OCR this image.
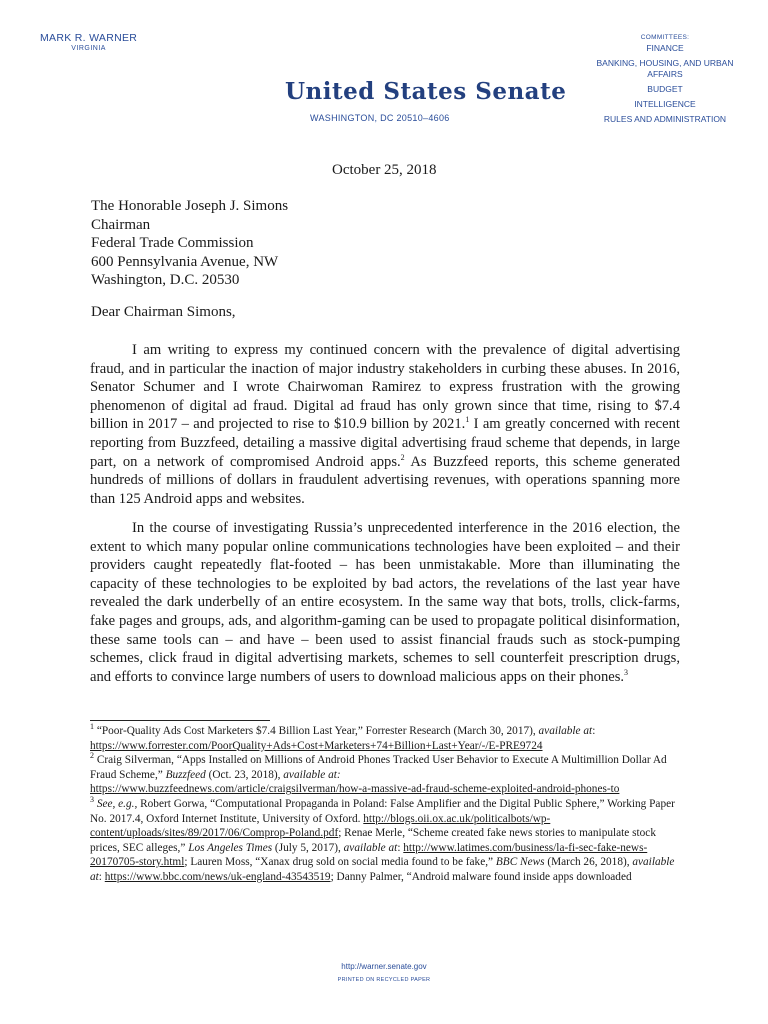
MARK R. WARNER
VIRGINIA
United States Senate
WASHINGTON, DC 20510–4606
COMMITTEES:
FINANCE
BANKING, HOUSING, AND URBAN AFFAIRS
BUDGET
INTELLIGENCE
RULES AND ADMINISTRATION
October 25, 2018
The Honorable Joseph J. Simons
Chairman
Federal Trade Commission
600 Pennsylvania Avenue, NW
Washington, D.C. 20530
Dear Chairman Simons,
I am writing to express my continued concern with the prevalence of digital advertising fraud, and in particular the inaction of major industry stakeholders in curbing these abuses. In 2016, Senator Schumer and I wrote Chairwoman Ramirez to express frustration with the growing phenomenon of digital ad fraud. Digital ad fraud has only grown since that time, rising to $7.4 billion in 2017 – and projected to rise to $10.9 billion by 2021.$^1$ I am greatly concerned with recent reporting from Buzzfeed, detailing a massive digital advertising fraud scheme that depends, in large part, on a network of compromised Android apps.$^2$ As Buzzfeed reports, this scheme generated hundreds of millions of dollars in fraudulent advertising revenues, with operations spanning more than 125 Android apps and websites.
In the course of investigating Russia’s unprecedented interference in the 2016 election, the extent to which many popular online communications technologies have been exploited – and their providers caught repeatedly flat-footed – has been unmistakable. More than illuminating the capacity of these technologies to be exploited by bad actors, the revelations of the last year have revealed the dark underbelly of an entire ecosystem. In the same way that bots, trolls, click-farms, fake pages and groups, ads, and algorithm-gaming can be used to propagate political disinformation, these same tools can – and have – been used to assist financial frauds such as stock-pumping schemes, click fraud in digital advertising markets, schemes to sell counterfeit prescription drugs, and efforts to convince large numbers of users to download malicious apps on their phones.$^3$

$^1$ “Poor-Quality Ads Cost Marketers $7.4 Billion Last Year,” Forrester Research (March 30, 2017), available at:
https://www.forrester.com/PoorQuality+Ads+Cost+Marketers+74+Billion+Last+Year/-/E-PRE9724

$^2$ Craig Silverman, “Apps Installed on Millions of Android Phones Tracked User Behavior to Execute A Multimillion Dollar Ad Fraud Scheme,” Buzzfeed (Oct. 23, 2018), available at:
https://www.buzzfeednews.com/article/craigsilverman/how-a-massive-ad-fraud-scheme-exploited-android-phones-to

$^3$ See, e.g., Robert Gorwa, “Computational Propaganda in Poland: False Amplifier and the Digital Public Sphere,” Working Paper No. 2017.4, Oxford Internet Institute, University of Oxford. http://blogs.oii.ox.ac.uk/politicalbots/wp-content/uploads/sites/89/2017/06/Comprop-Poland.pdf; Renae Merle, “Scheme created fake news stories to manipulate stock prices, SEC alleges,” Los Angeles Times (July 5, 2017), available at: http://www.latimes.com/business/la-fi-sec-fake-news-20170705-story.html; Lauren Moss, “Xanax drug sold on social media found to be fake,” BBC News (March 26, 2018), available at: https://www.bbc.com/news/uk-england-43543519; Danny Palmer, “Android malware found inside apps downloaded

http://warner.senate.gov
PRINTED ON RECYCLED PAPER
